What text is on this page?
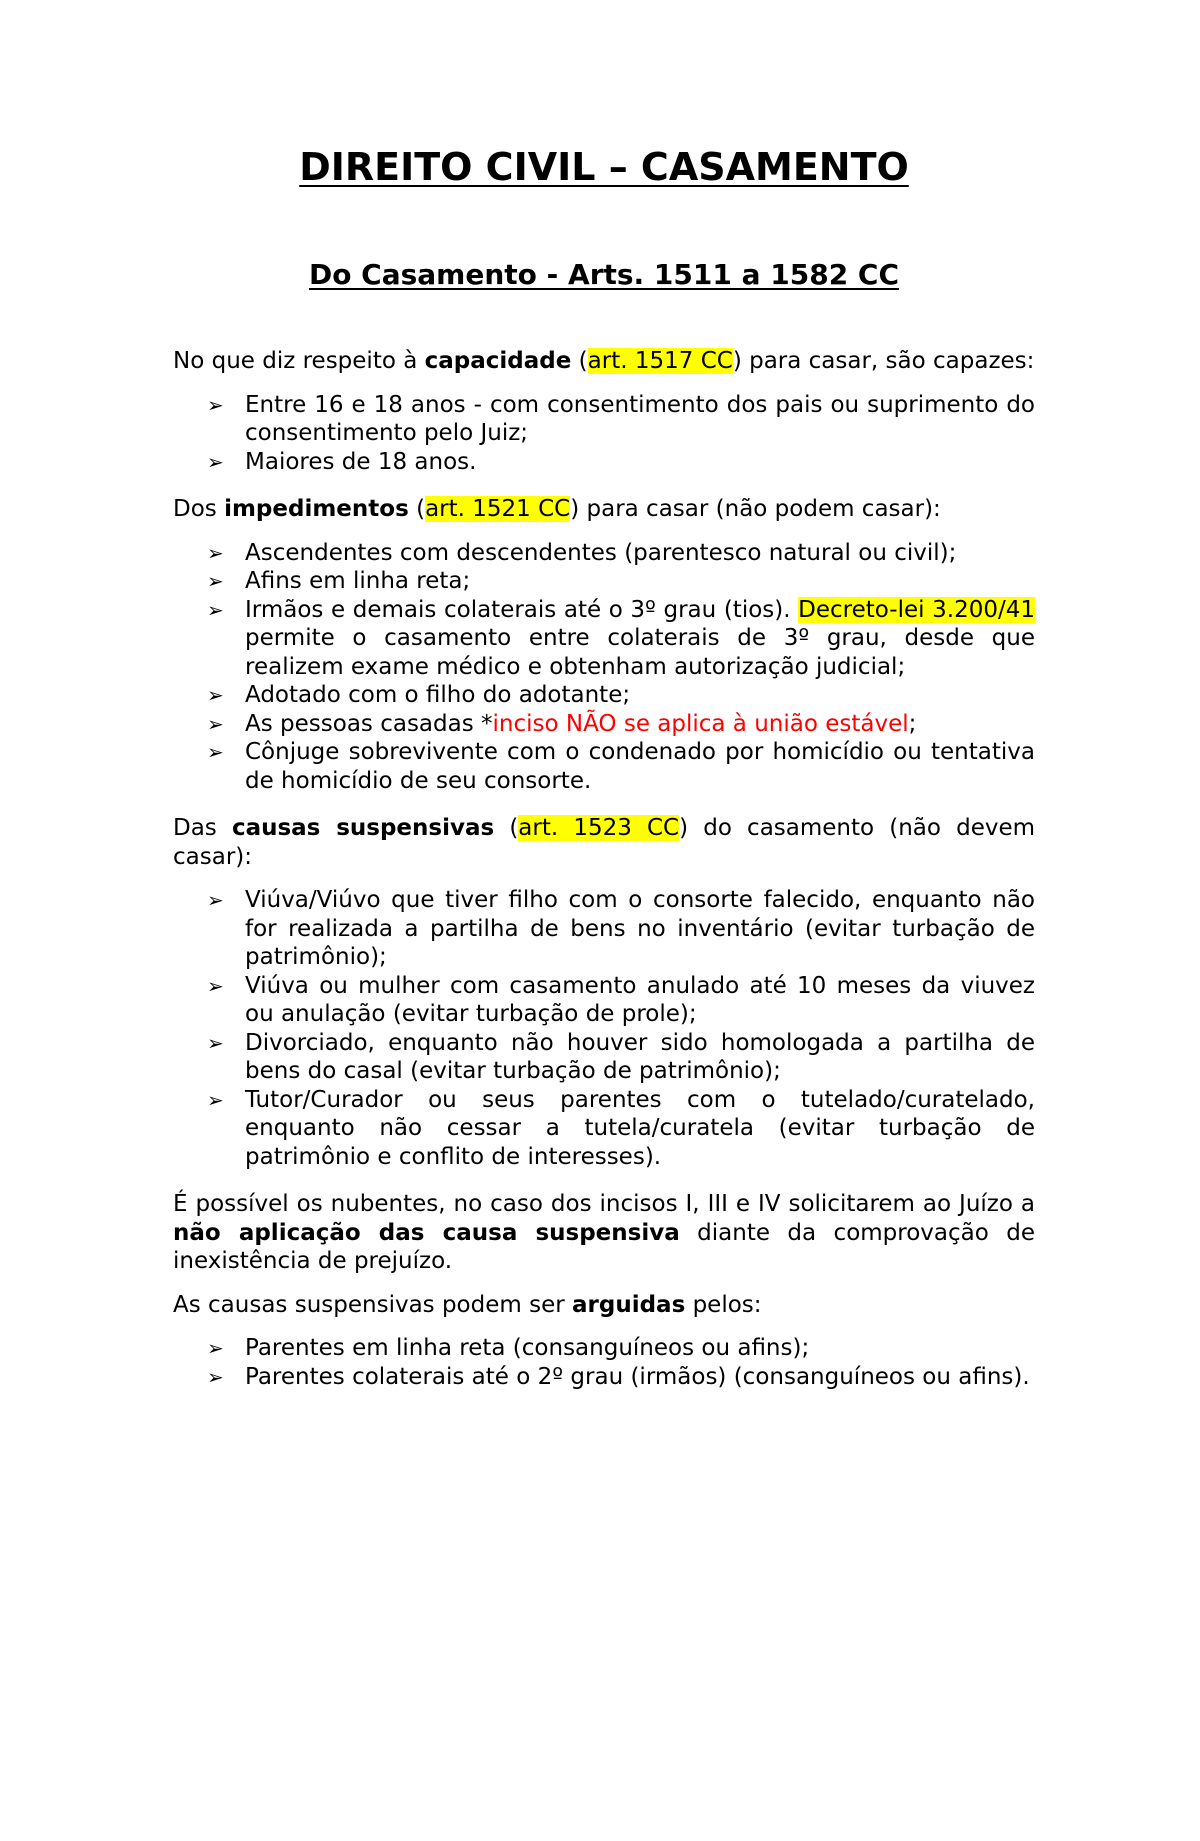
DIREITO CIVIL – CASAMENTO
Do Casamento - Arts. 1511 a 1582 CC

No que diz respeito à capacidade (art. 1517 CC) para casar, são capazes:

➢ Entre 16 e 18 anos - com consentimento dos pais ou suprimento do consentimento pelo Juiz;
➢ Maiores de 18 anos.

Dos impedimentos (art. 1521 CC) para casar (não podem casar):

➢ Ascendentes com descendentes (parentesco natural ou civil);
➢ Afins em linha reta;
➢ Irmãos e demais colaterais até o 3º grau (tios). Decreto-lei 3.200/41 permite o casamento entre colaterais de 3º grau, desde que realizem exame médico e obtenham autorização judicial;
➢ Adotado com o filho do adotante;
➢ As pessoas casadas *inciso NÃO se aplica à união estável;
➢ Cônjuge sobrevivente com o condenado por homicídio ou tentativa de homicídio de seu consorte.

Das causas suspensivas (art. 1523 CC) do casamento (não devem casar):

➢ Viúva/Viúvo que tiver filho com o consorte falecido, enquanto não for realizada a partilha de bens no inventário (evitar turbação de patrimônio);
➢ Viúva ou mulher com casamento anulado até 10 meses da viuvez ou anulação (evitar turbação de prole);
➢ Divorciado, enquanto não houver sido homologada a partilha de bens do casal (evitar turbação de patrimônio);
➢ Tutor/Curador ou seus parentes com o tutelado/curatelado, enquanto não cessar a tutela/curatela (evitar turbação de patrimônio e conflito de interesses).

É possível os nubentes, no caso dos incisos I, III e IV solicitarem ao Juízo a não aplicação das causa suspensiva diante da comprovação de inexistência de prejuízo.

As causas suspensivas podem ser arguidas pelos:

➢ Parentes em linha reta (consanguíneos ou afins);
➢ Parentes colaterais até o 2º grau (irmãos) (consanguíneos ou afins).
